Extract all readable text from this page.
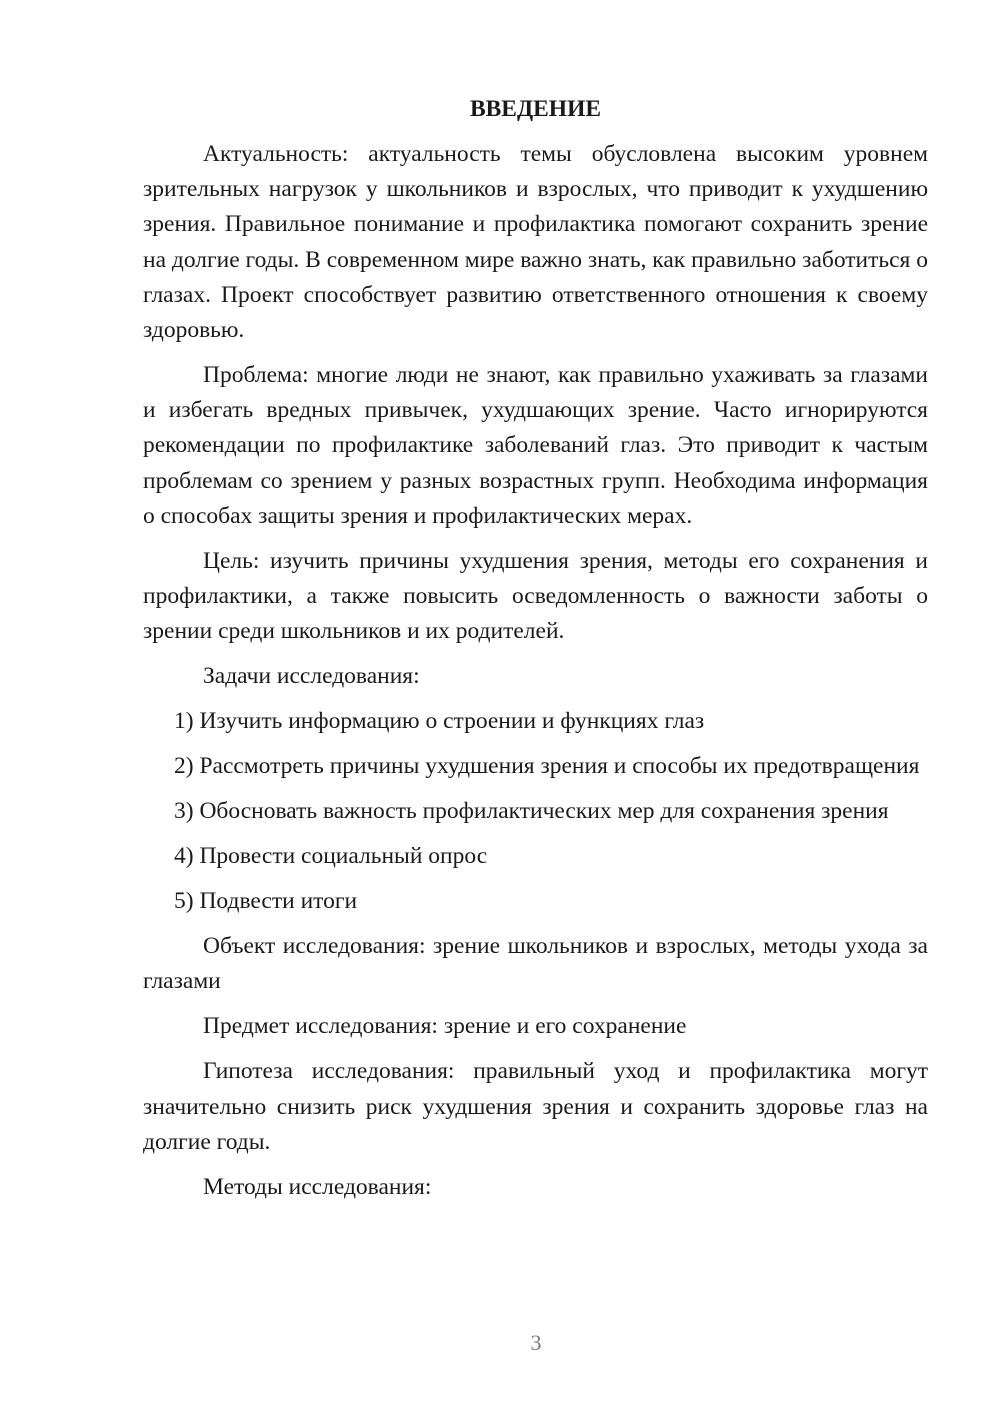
ВВЕДЕНИЕ

Актуальность: актуальность темы обусловлена высоким уровнем зрительных нагрузок у школьников и взрослых, что приводит к ухудшению зрения. Правильное понимание и профилактика помогают сохранить зрение на долгие годы. В современном мире важно знать, как правильно заботиться о глазах. Проект способствует развитию ответственного отношения к своему здоровью.

Проблема: многие люди не знают, как правильно ухаживать за глазами и избегать вредных привычек, ухудшающих зрение. Часто игнорируются рекомендации по профилактике заболеваний глаз. Это приводит к частым проблемам со зрением у разных возрастных групп. Необходима информация о способах защиты зрения и профилактических мерах.

Цель: изучить причины ухудшения зрения, методы его сохранения и профилактики, а также повысить осведомленность о важности заботы о зрении среди школьников и их родителей.

Задачи исследования:

1) Изучить информацию о строении и функциях глаз

2) Рассмотреть причины ухудшения зрения и способы их предотвращения

3) Обосновать важность профилактических мер для сохранения зрения

4) Провести социальный опрос

5) Подвести итоги

Объект исследования: зрение школьников и взрослых, методы ухода за глазами

Предмет исследования: зрение и его сохранение

Гипотеза исследования: правильный уход и профилактика могут значительно снизить риск ухудшения зрения и сохранить здоровье глаз на долгие годы.

Методы исследования:

3
